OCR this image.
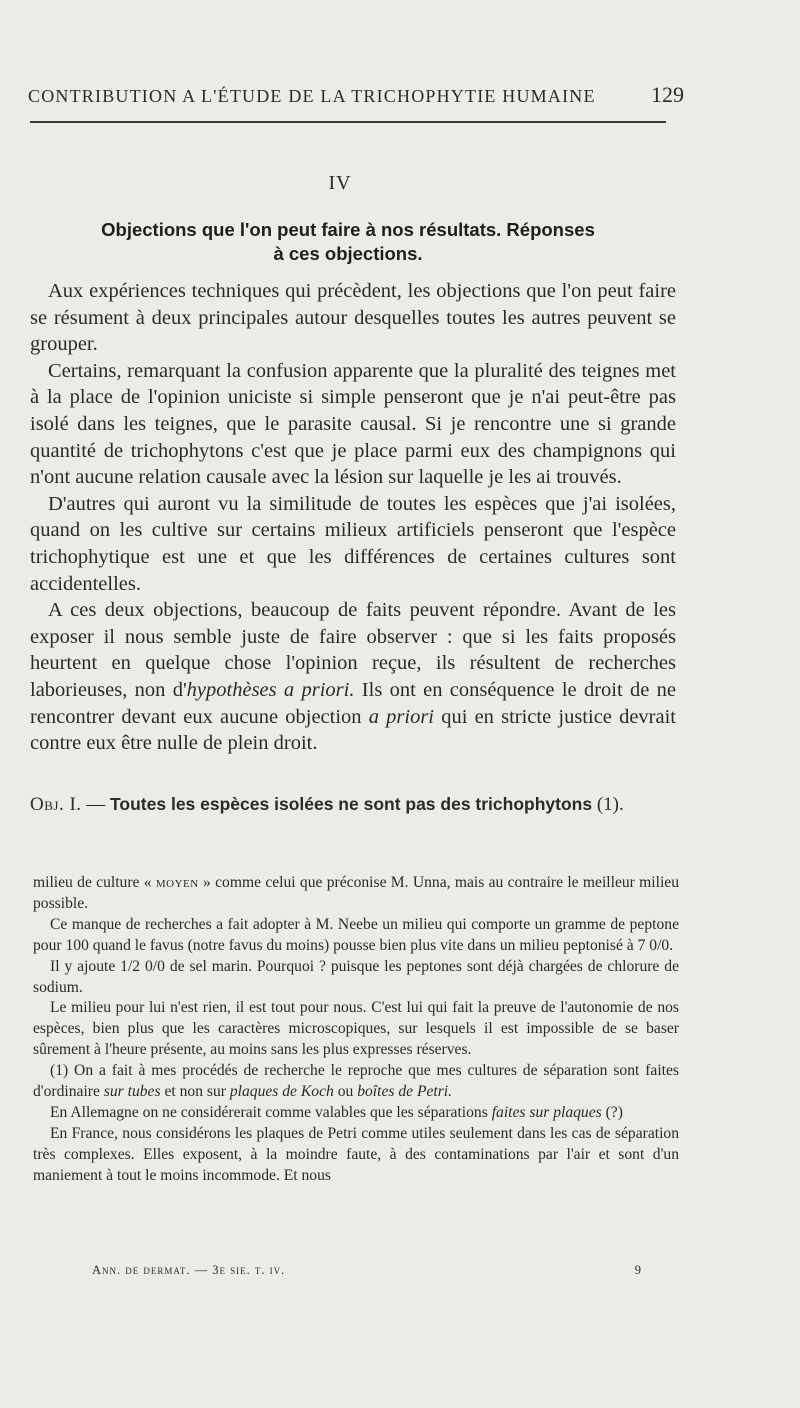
CONTRIBUTION A L'ÉTUDE DE LA TRICHOPHYTIE HUMAINE	129
IV
Objections que l'on peut faire à nos résultats. Réponses
à ces objections.

Aux expériences techniques qui précèdent, les objections que l'on peut faire se résument à deux principales autour desquelles toutes les autres peuvent se grouper.

Certains, remarquant la confusion apparente que la pluralité des teignes met à la place de l'opinion uniciste si simple penseront que je n'ai peut-être pas isolé dans les teignes, que le parasite causal. Si je rencontre une si grande quantité de trichophytons c'est que je place parmi eux des champignons qui n'ont aucune relation causale avec la lésion sur laquelle je les ai trouvés.

D'autres qui auront vu la similitude de toutes les espèces que j'ai isolées, quand on les cultive sur certains milieux artificiels penseront que l'espèce trichophytique est une et que les différences de certaines cultures sont accidentelles.

A ces deux objections, beaucoup de faits peuvent répondre. Avant de les exposer il nous semble juste de faire observer : que si les faits proposés heurtent en quelque chose l'opinion reçue, ils résultent de recherches laborieuses, non d'hypothèses a priori. Ils ont en conséquence le droit de ne rencontrer devant eux aucune objection a priori qui en stricte justice devrait contre eux être nulle de plein droit.

Obj. I. — Toutes les espèces isolées ne sont pas des trichophytons (1).

milieu de culture « moyen » comme celui que préconise M. Unna, mais au contraire le meilleur milieu possible.

Ce manque de recherches a fait adopter à M. Neebe un milieu qui comporte un gramme de peptone pour 100 quand le favus (notre favus du moins) pousse bien plus vite dans un milieu peptonisé à 7 0/0.

Il y ajoute 1/2 0/0 de sel marin. Pourquoi ? puisque les peptones sont déjà chargées de chlorure de sodium.

Le milieu pour lui n'est rien, il est tout pour nous. C'est lui qui fait la preuve de l'autonomie de nos espèces, bien plus que les caractères microscopiques, sur lesquels il est impossible de se baser sûrement à l'heure présente, au moins sans les plus expresses réserves.

(1) On a fait à mes procédés de recherche le reproche que mes cultures de séparation sont faites d'ordinaire sur tubes et non sur plaques de Koch ou boîtes de Petri.

En Allemagne on ne considérerait comme valables que les séparations faites sur plaques (?)

En France, nous considérons les plaques de Petri comme utiles seulement dans les cas de séparation très complexes. Elles exposent, à la moindre faute, à des contaminations par l'air et sont d'un maniement à tout le moins incommode. Et nous

Ann. de dermat. — 3e sie. t. iv.	9
